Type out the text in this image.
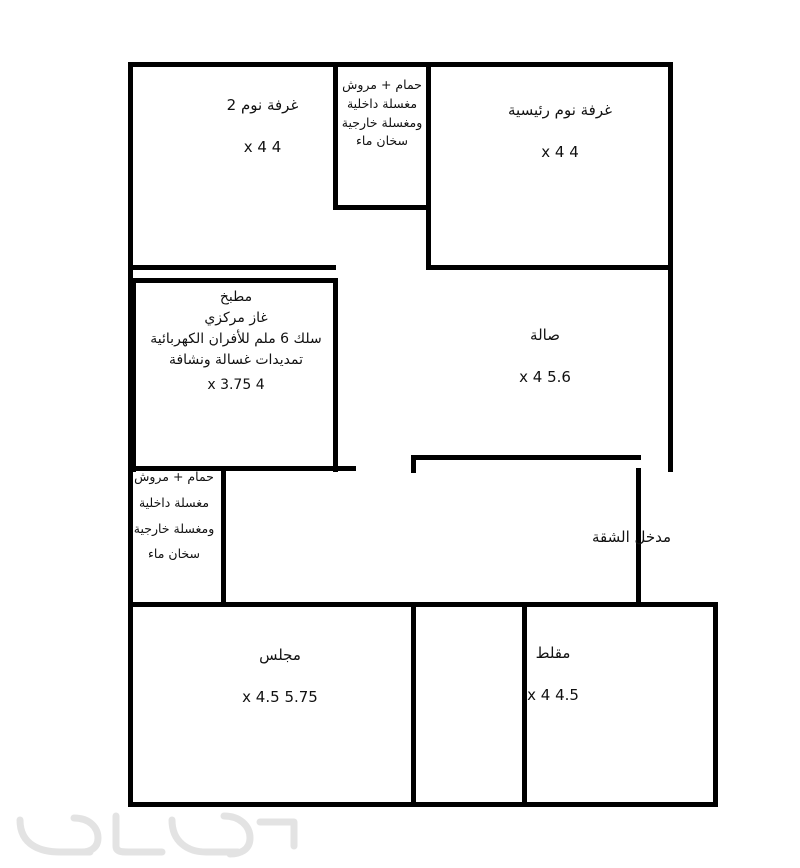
غرفة نوم 2
4 x 4
حمام + مروش
مغسلة داخلية
ومغسلة خارجية
سخان ماء
غرفة نوم رئيسية
4 x 4
مطبخ
غاز مركزي
سلك 6 ملم للأفران الكهربائية
تمديدات غسالة ونشافة
4 x 3.75
صالة
5.6 x 4
حمام + مروش
مغسلة داخلية
ومغسلة خارجية
سخان ماء
مجلس
5.75 x 4.5
مقلط
4.5 x 4
مدخل الشقة
